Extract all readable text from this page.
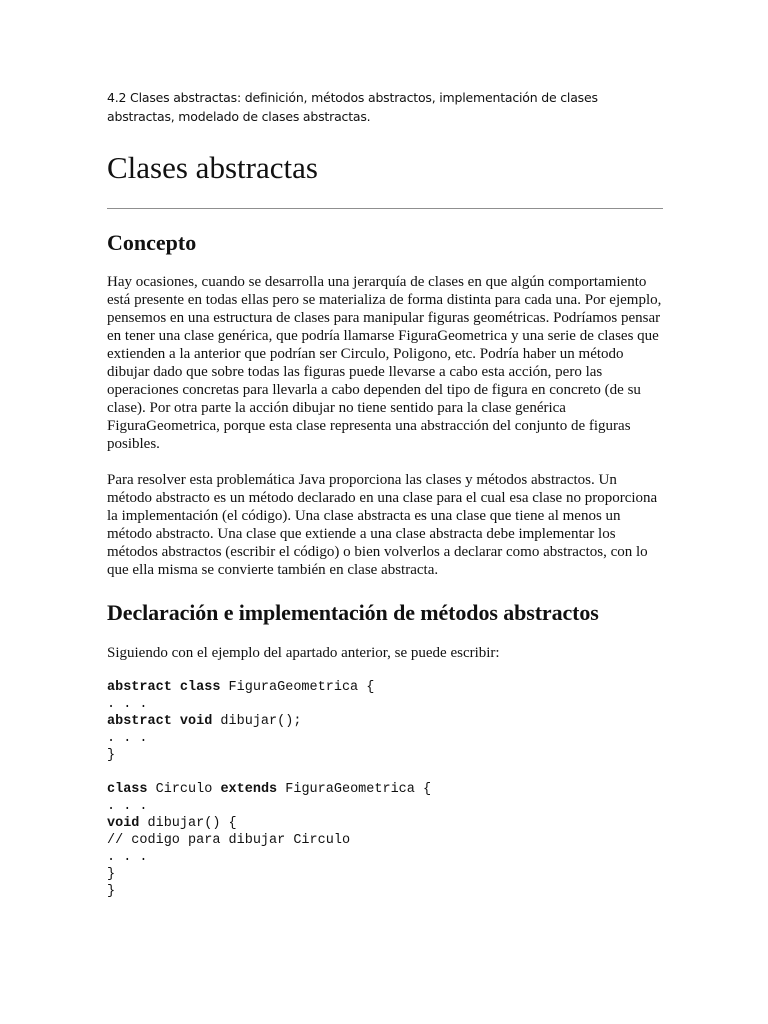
4.2 Clases abstractas: definición, métodos abstractos, implementación de clases abstractas, modelado de clases abstractas.

Clases abstractas
Concepto

Hay ocasiones, cuando se desarrolla una jerarquía de clases en que algún comportamiento está presente en todas ellas pero se materializa de forma distinta para cada una. Por ejemplo, pensemos en una estructura de clases para manipular figuras geométricas. Podríamos pensar en tener una clase genérica, que podría llamarse FiguraGeometrica y una serie de clases que extienden a la anterior que podrían ser Circulo, Poligono, etc. Podría haber un método dibujar dado que sobre todas las figuras puede llevarse a cabo esta acción, pero las operaciones concretas para llevarla a cabo dependen del tipo de figura en concreto (de su clase). Por otra parte la acción dibujar no tiene sentido para la clase genérica FiguraGeometrica, porque esta clase representa una abstracción del conjunto de figuras posibles.

Para resolver esta problemática Java proporciona las clases y métodos abstractos. Un método abstracto es un método declarado en una clase para el cual esa clase no proporciona la implementación (el código). Una clase abstracta es una clase que tiene al menos un método abstracto. Una clase que extiende a una clase abstracta debe implementar los métodos abstractos (escribir el código) o bien volverlos a declarar como abstractos, con lo que ella misma se convierte también en clase abstracta.

Declaración e implementación de métodos abstractos

Siguiendo con el ejemplo del apartado anterior, se puede escribir:

abstract class FiguraGeometrica {
. . .
abstract void dibujar();
. . .
}
class Circulo extends FiguraGeometrica {
. . .
void dibujar() {
// codigo para dibujar Circulo
. . .
}
}
